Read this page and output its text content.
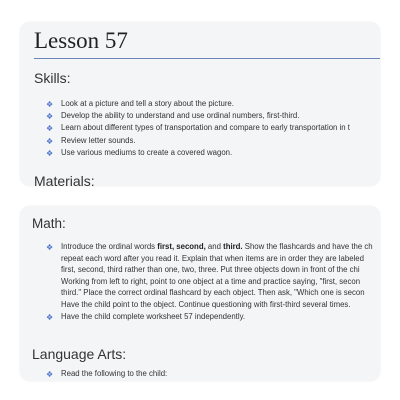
Lesson 57
Skills:
❖ Look at a picture and tell a story about the picture.
❖ Develop the ability to understand and use ordinal numbers, first-third.
❖ Learn about different types of transportation and compare to early transportation in t
❖ Review letter sounds.
❖ Use various mediums to create a covered wagon.
Materials:
Math:
❖ Introduce the ordinal words first, second, and third. Show the flashcards and have the ch
repeat each word after you read it. Explain that when items are in order they are labeled
first, second, third rather than one, two, three. Put three objects down in front of the chi
Working from left to right, point to one object at a time and practice saying, "first, secon
third." Place the correct ordinal flashcard by each object. Then ask, "Which one is secon
Have the child point to the object. Continue questioning with first-third several times.
❖ Have the child complete worksheet 57 independently.
Language Arts:
❖ Read the following to the child:
